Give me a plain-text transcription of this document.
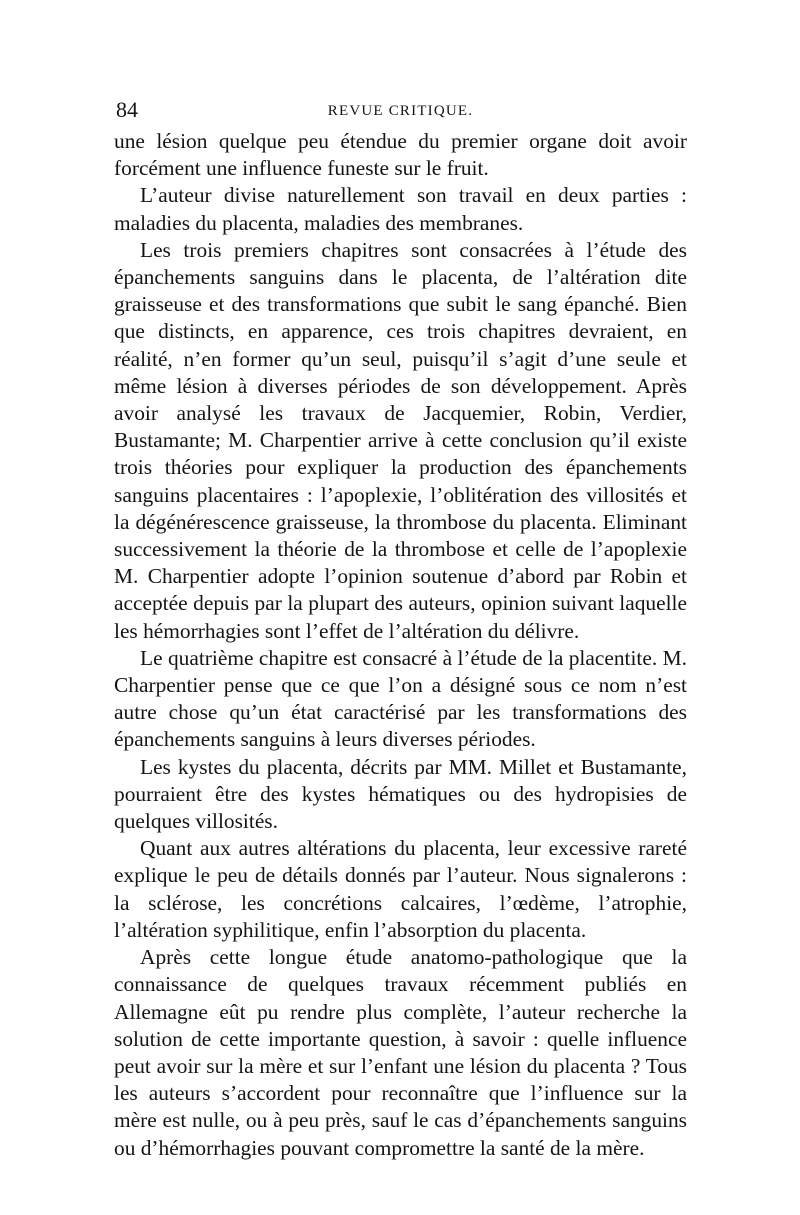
84	REVUE CRITIQUE.

une lésion quelque peu étendue du premier organe doit avoir forcément une influence funeste sur le fruit.

L’auteur divise naturellement son travail en deux parties : maladies du placenta, maladies des membranes.

Les trois premiers chapitres sont consacrées à l’étude des épanchements sanguins dans le placenta, de l’altération dite graisseuse et des transformations que subit le sang épanché. Bien que distincts, en apparence, ces trois chapitres devraient, en réalité, n’en former qu’un seul, puisqu’il s’agit d’une seule et même lésion à diverses périodes de son développement. Après avoir analysé les travaux de Jacquemier, Robin, Verdier, Bustamante; M. Charpentier arrive à cette conclusion qu’il existe trois théories pour expliquer la production des épanchements sanguins placentaires : l’apoplexie, l’oblitération des villosités et la dégénérescence graisseuse, la thrombose du placenta. Eliminant successivement la théorie de la thrombose et celle de l’apoplexie M. Charpentier adopte l’opinion soutenue d’abord par Robin et acceptée depuis par la plupart des auteurs, opinion suivant laquelle les hémorrhagies sont l’effet de l’altération du délivre.

Le quatrième chapitre est consacré à l’étude de la placentite. M. Charpentier pense que ce que l’on a désigné sous ce nom n’est autre chose qu’un état caractérisé par les transformations des épanchements sanguins à leurs diverses périodes.

Les kystes du placenta, décrits par MM. Millet et Bustamante, pourraient être des kystes hématiques ou des hydropisies de quelques villosités.

Quant aux autres altérations du placenta, leur excessive rareté explique le peu de détails donnés par l’auteur. Nous signalerons : la sclérose, les concrétions calcaires, l’œdème, l’atrophie, l’altération syphilitique, enfin l’absorption du placenta.

Après cette longue étude anatomo-pathologique que la connaissance de quelques travaux récemment publiés en Allemagne eût pu rendre plus complète, l’auteur recherche la solution de cette importante question, à savoir : quelle influence peut avoir sur la mère et sur l’enfant une lésion du placenta ? Tous les auteurs s’accordent pour reconnaître que l’influence sur la mère est nulle, ou à peu près, sauf le cas d’épanchements sanguins ou d’hémorrhagies pouvant compromettre la santé de la mère.
